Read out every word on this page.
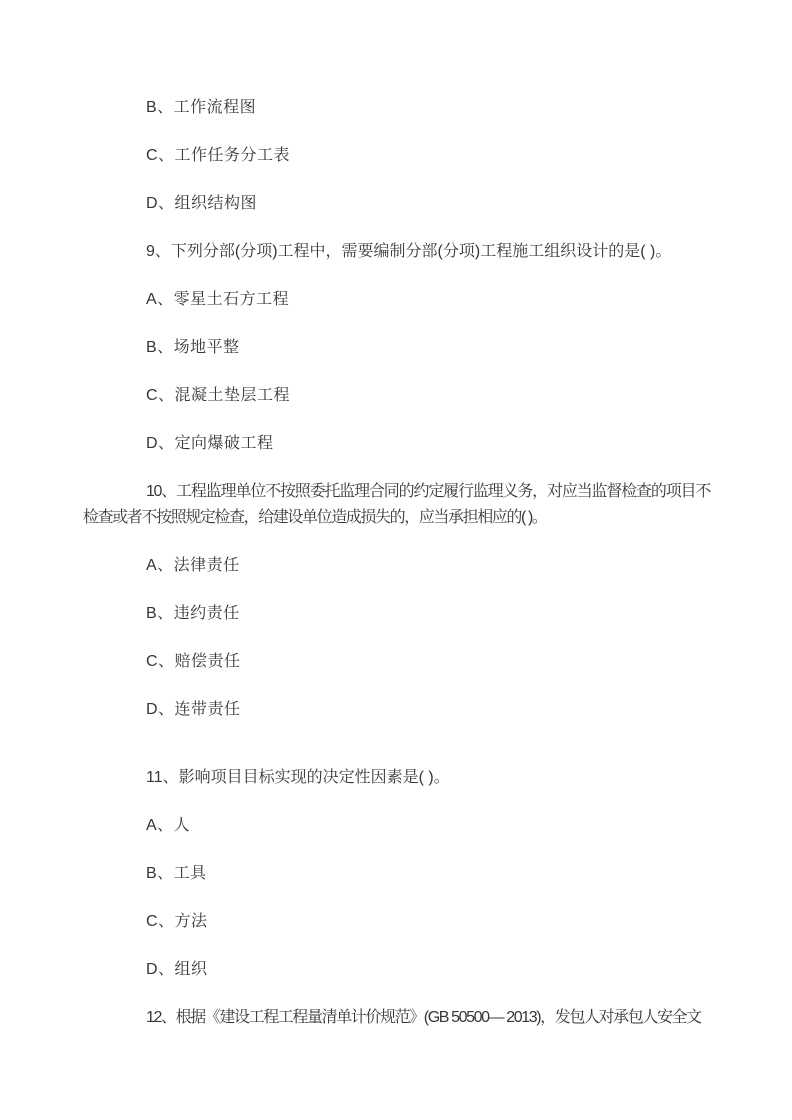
B、工作流程图

C、工作任务分工表

D、组织结构图

9、下列分部(分项)工程中，需要编制分部(分项)工程施工组织设计的是( )。

A、零星土石方工程

B、场地平整

C、混凝土垫层工程

D、定向爆破工程

10、工程监理单位不按照委托监理合同的约定履行监理义务，对应当监督检查的项目不检查或者不按照规定检查，给建设单位造成损失的，应当承担相应的( )。

A、法律责任

B、违约责任

C、赔偿责任

D、连带责任

11、影响项目目标实现的决定性因素是( )。

A、人

B、工具

C、方法

D、组织

12、根据《建设工程工程量清单计价规范》(GB 50500— 2013)，发包人对承包人安全文
